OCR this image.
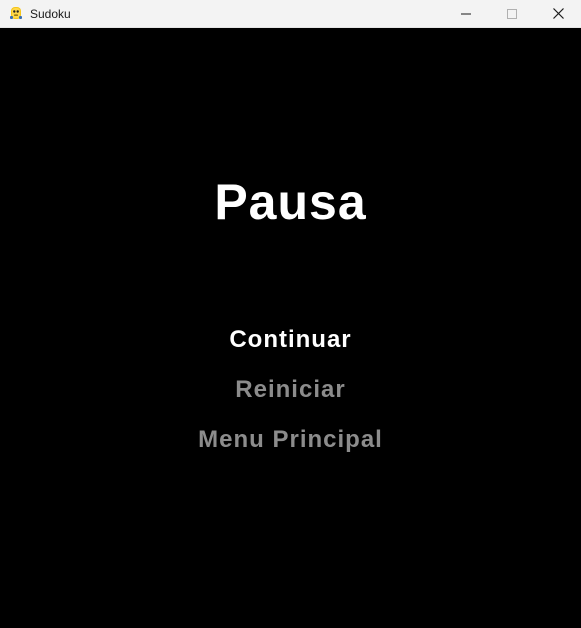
Sudoku
Pausa
Continuar
Reiniciar
Menu Principal
